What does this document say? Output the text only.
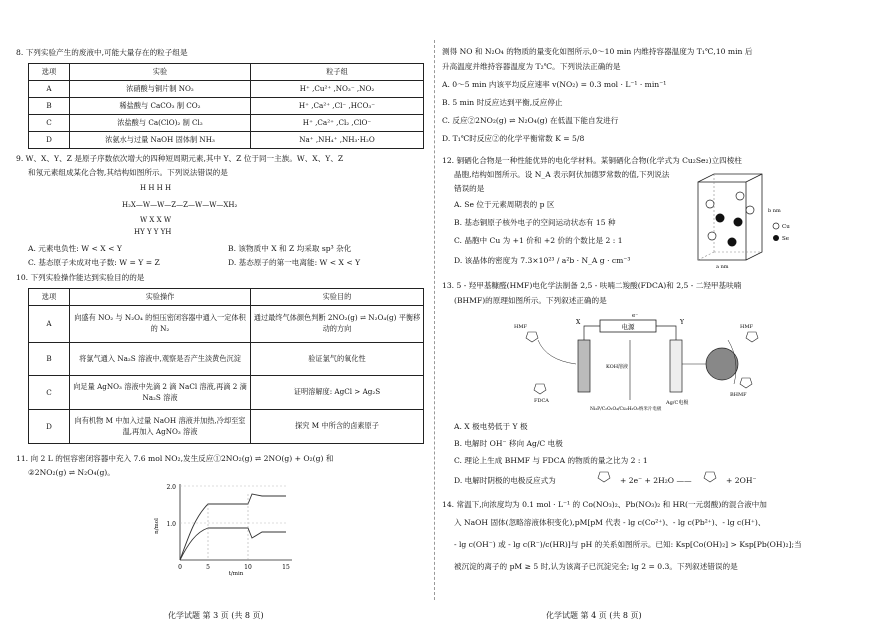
8. 下列实验产生的废液中,可能大量存在的粒子组是
选项	实验	粒子组
A	浓硝酸与铜片制 NO₂	H⁺ ,Cu²⁺ ,NO₃⁻ ,NO₂
B	稀盐酸与 CaCO₃ 制 CO₂	H⁺ ,Ca²⁺ ,Cl⁻ ,HCO₃⁻
C	浓盐酸与 Ca(ClO)₂ 制 Cl₂	H⁺ ,Ca²⁺ ,Cl₂ ,ClO⁻
D	浓氨水与过量 NaOH 固体制 NH₃	Na⁺ ,NH₄⁺ ,NH₃·H₂O
9. W、X、Y、Z 是原子序数依次增大的四种短周期元素,其中 Y、Z 位于同一主族。W、X、Y、Z
和氖元素组成某化合物,其结构如图所示。下列说法错误的是
H H H H
H₂X—W—W—Z—Z—W—W—XH₂
W X X W
HY Y Y YH
A. 元素电负性: W < X < Y	B. 该物质中 X 和 Z 均采取 sp³ 杂化
C. 基态原子未成对电子数: W = Y = Z	D. 基态原子的第一电离能: W < X < Y
10. 下列实验操作能达到实验目的的是
选项	实验操作	实验目的
A	向盛有 NO₂ 与 N₂O₄ 的恒压密闭容器中通入一定体积的 N₂	通过最终气体颜色判断 2NO₂(g) ⇌ N₂O₄(g) 平衡移动的方向
B	将氯气通入 Na₂S 溶液中,观察是否产生淡黄色沉淀	验证氯气的氧化性
C	向足量 AgNO₃ 溶液中先滴 2 滴 NaCl 溶液,再滴 2 滴 Na₂S 溶液	证明溶解度: AgCl > Ag₂S
D	向有机物 M 中加入过量 NaOH 溶液并加热,冷却至室温,再加入 AgNO₃ 溶液	探究 M 中所含的卤素原子
11. 向 2 L 的恒容密闭容器中充入 7.6 mol NO₂,发生反应①2NO₂(g) ⇌ 2NO(g) + O₂(g) 和
②2NO₂(g) ⇌ N₂O₄(g)。
2.0
1.0
0	5	10	15
n/mol
t/min
化学试题 第 3 页 (共 8 页)
测得 NO 和 N₂O₄ 的物质的量变化如图所示,0～10 min 内维持容器温度为 T₁℃,10 min 后
升高温度并维持容器温度为 T₂℃。下列说法正确的是
A. 0～5 min 内该平均反应速率 v(NO₂) = 0.3 mol · L⁻¹ · min⁻¹
B. 5 min 时反应达到平衡,反应停止
C. 反应②2NO₂(g) ⇌ N₂O₄(g) 在低温下能自发进行
D. T₁℃时反应②的化学平衡常数 K = 5/8
12. 铜硒化合物是一种性能优异的电化学材料。某铜硒化合物(化学式为 Cu₂Se₂)立四棱柱
晶胞,结构如图所示。设 N_A 表示阿伏加德罗常数的值,下列说法
错误的是
A. Se 位于元素周期表的 p 区
B. 基态铜原子核外电子的空间运动状态有 15 种
C. 晶胞中 Cu 为 +1 价和 +2 价的个数比是 2 : 1
D. 该晶体的密度为 7.3×10²³ / a²b · N_A g · cm⁻³
Cu
Se
b nm
a nm
13. 5 - 羟甲基糠醛(HMF)电化学法制备 2,5 - 呋喃二羧酸(FDCA)和 2,5 - 二羟甲基呋喃
(BHMF)的原理如图所示。下列叙述正确的是
电源
X	Y
e⁻
KOH溶液
HMF	HMF
FDCA
BHMF
Ni₂P/C₂O₂O₄/Cu₂H₂O₂纳米片电极
Ag/C电极
A. X 极电势低于 Y 极
B. 电解时 OH⁻ 移向 Ag/C 电极
C. 理论上生成 BHMF 与 FDCA 的物质的量之比为 2 : 1
D. 电解时阴极的电极反应式为	+ 2e⁻ + 2H₂O ——	+ 2OH⁻
14. 常温下,向浓度均为 0.1 mol · L⁻¹ 的 Co(NO₃)₂、Pb(NO₃)₂ 和 HR(一元弱酸)的混合液中加
入 NaOH 固体(忽略溶液体积变化),pM[pM 代表 - lg c(Co²⁺)、- lg c(Pb²⁺)、- lg c(H⁺)、
- lg c(OH⁻) 或 - lg c(R⁻)/c(HR)]与 pH 的关系如图所示。已知: Ksp[Co(OH)₂] > Ksp[Pb(OH)₂];当
被沉淀的离子的 pM ≥ 5 时,认为该离子已沉淀完全; lg 2 = 0.3。下列叙述错误的是
化学试题 第 4 页 (共 8 页)
